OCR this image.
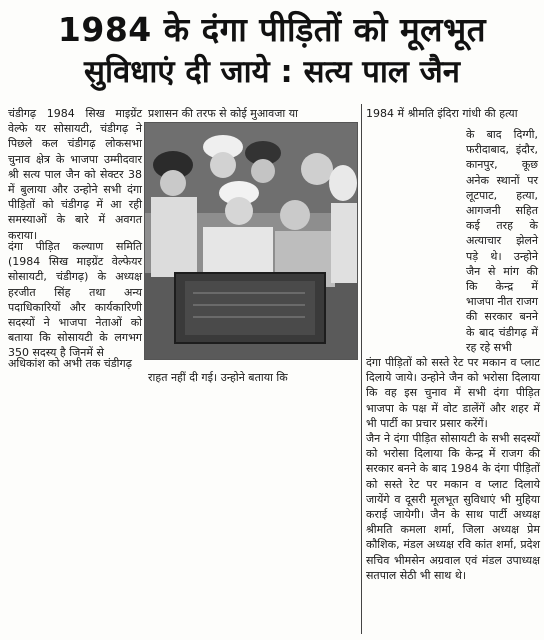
1984 के दंगा पीड़ितों को मूलभूत
सुविधाएं दी जाये : सत्य पाल जैन

चंडीगढ़ 1984 सिख माइग्रेंट वेल्फे यर सोसायटी, चंडीगढ़ ने पिछले कल चंडीगढ़ लोकसभा चुनाव क्षेत्र के भाजपा उम्मीदवार श्री सत्य पाल जैन को सेक्टर 38 में बुलाया और उन्होने सभी दंगा पीड़ितों को चंडीगढ़ में आ रही समस्याओं के बारे में अवगत कराया।

दंगा पीड़ित कल्याण समिति (1984 सिख माइग्रेंट वेल्फेयर सोसायटी, चंडीगढ़) के अध्यक्ष हरजीत सिंह तथा अन्य पदाधिकारियों और कार्यकारिणी सदस्यों ने भाजपा नेताओं को बताया कि सोसायटी के लगभग 350 सदस्य है जिनमें से

अधिकांश को अभी तक चंडीगढ़

प्रशासन की तरफ से कोई मुआवजा या

राहत नहीं दी गई। उन्होने बताया कि

1984 में श्रीमति इंदिरा गांधी की हत्या

के बाद दिग्गी, फरीदाबाद, इंदौर, कानपुर, कूछ अनेक स्थानों पर लूटपाट, हत्या, आगजनी सहित कई तरह के अत्याचार झेलने पड़े थे। उन्होने जैन से मांग की कि केन्द्र में भाजपा नीत राजग की सरकार बनने के बाद चंडीगढ़ में रह रहे सभी

दंगा पीड़ितों को सस्ते रेट पर मकान व प्लाट दिलाये जाये। उन्होने जैन को भरोसा दिलाया कि वह इस चुनाव में सभी दंगा पीड़ित भाजपा के पक्ष में वोट डालेंगें और शहर में भी पार्टी का प्रचार प्रसार करेंगें।

जैन ने दंगा पीड़ित सोसायटी के सभी सदस्यों को भरोसा दिलाया कि केन्द्र में राजग की सरकार बनने के बाद 1984 के दंगा पीड़ितों को सस्ते रेट पर मकान व प्लाट दिलाये जायेंगे व दूसरी मूलभूत सुविधाएं भी मुहिया कराई जायेगी। जैन के साथ पार्टी अध्यक्ष श्रीमति कमला शर्मा, जिला अध्यक्ष प्रेम कौशिक, मंडल अध्यक्ष रवि कांत शर्मा, प्रदेश सचिव भीमसेन अग्रवाल एवं मंडल उपाध्यक्ष सतपाल सेठी भी साथ थे।
